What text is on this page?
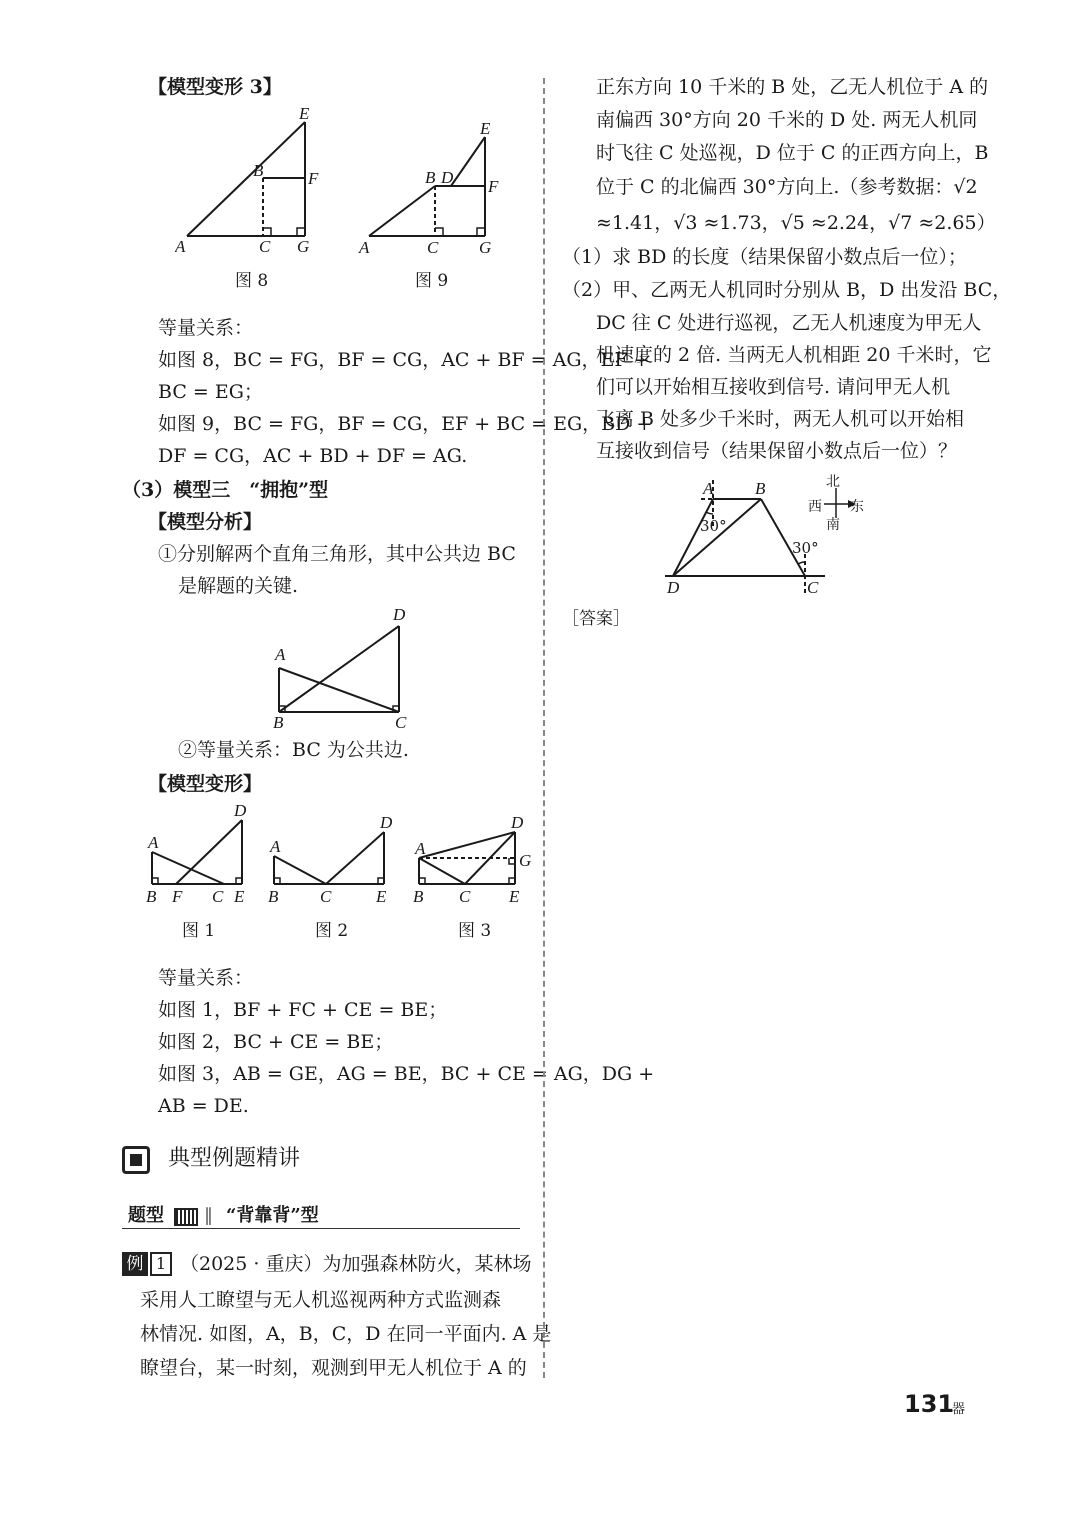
【模型变形 3】
A
B
C
E
F
G
图 8
A
B D
C
E
F
G
图 9
等量关系：
如图 8，BC = FG，BF = CG，AC + BF = AG，EF +
BC = EG；
如图 9，BC = FG，BF = CG，EF + BC = EG，BD +
DF = CG，AC + BD + DF = AG.
（3）模型三　“拥抱”型
【模型分析】
①分别解两个直角三角形，其中公共边 BC
是解题的关键.
A
B	C
D
②等量关系：BC 为公共边.
【模型变形】
A
B F C E
D
图 1
A
B C	E
D
图 2
A
B C E
D
G
图 3
等量关系：
如图 1，BF + FC + CE = BE；
如图 2，BC + CE = BE；
如图 3，AB = GE，AG = BE，BC + CE = AG，DG +
AB = DE.
典型例题精讲
题型 ‖ “背靠背”型
例 1 （2025 · 重庆）为加强森林防火，某林场
采用人工瞭望与无人机巡视两种方式监测森
林情况. 如图，A，B，C，D 在同一平面内. A 是
瞭望台，某一时刻，观测到甲无人机位于 A 的
正东方向 10 千米的 B 处，乙无人机位于 A 的
南偏西 30°方向 20 千米的 D 处. 两无人机同
时飞往 C 处巡视，D 位于 C 的正西方向上，B
位于 C 的北偏西 30°方向上.（参考数据：√2
≈1.41，√3 ≈1.73，√5 ≈2.24，√7 ≈2.65）
（1）求 BD 的长度（结果保留小数点后一位）；
（2）甲、乙两无人机同时分别从 B，D 出发沿 BC，
DC 往 C 处进行巡视，乙无人机速度为甲无人
机速度的 2 倍. 当两无人机相距 20 千米时，它
们可以开始相互接收到信号. 请问甲无人机
飞离 B 处多少千米时，两无人机可以开始相
互接收到信号（结果保留小数点后一位）？
A B
D	C
30°
30°
北
西 东
南
［答案］
131
器
